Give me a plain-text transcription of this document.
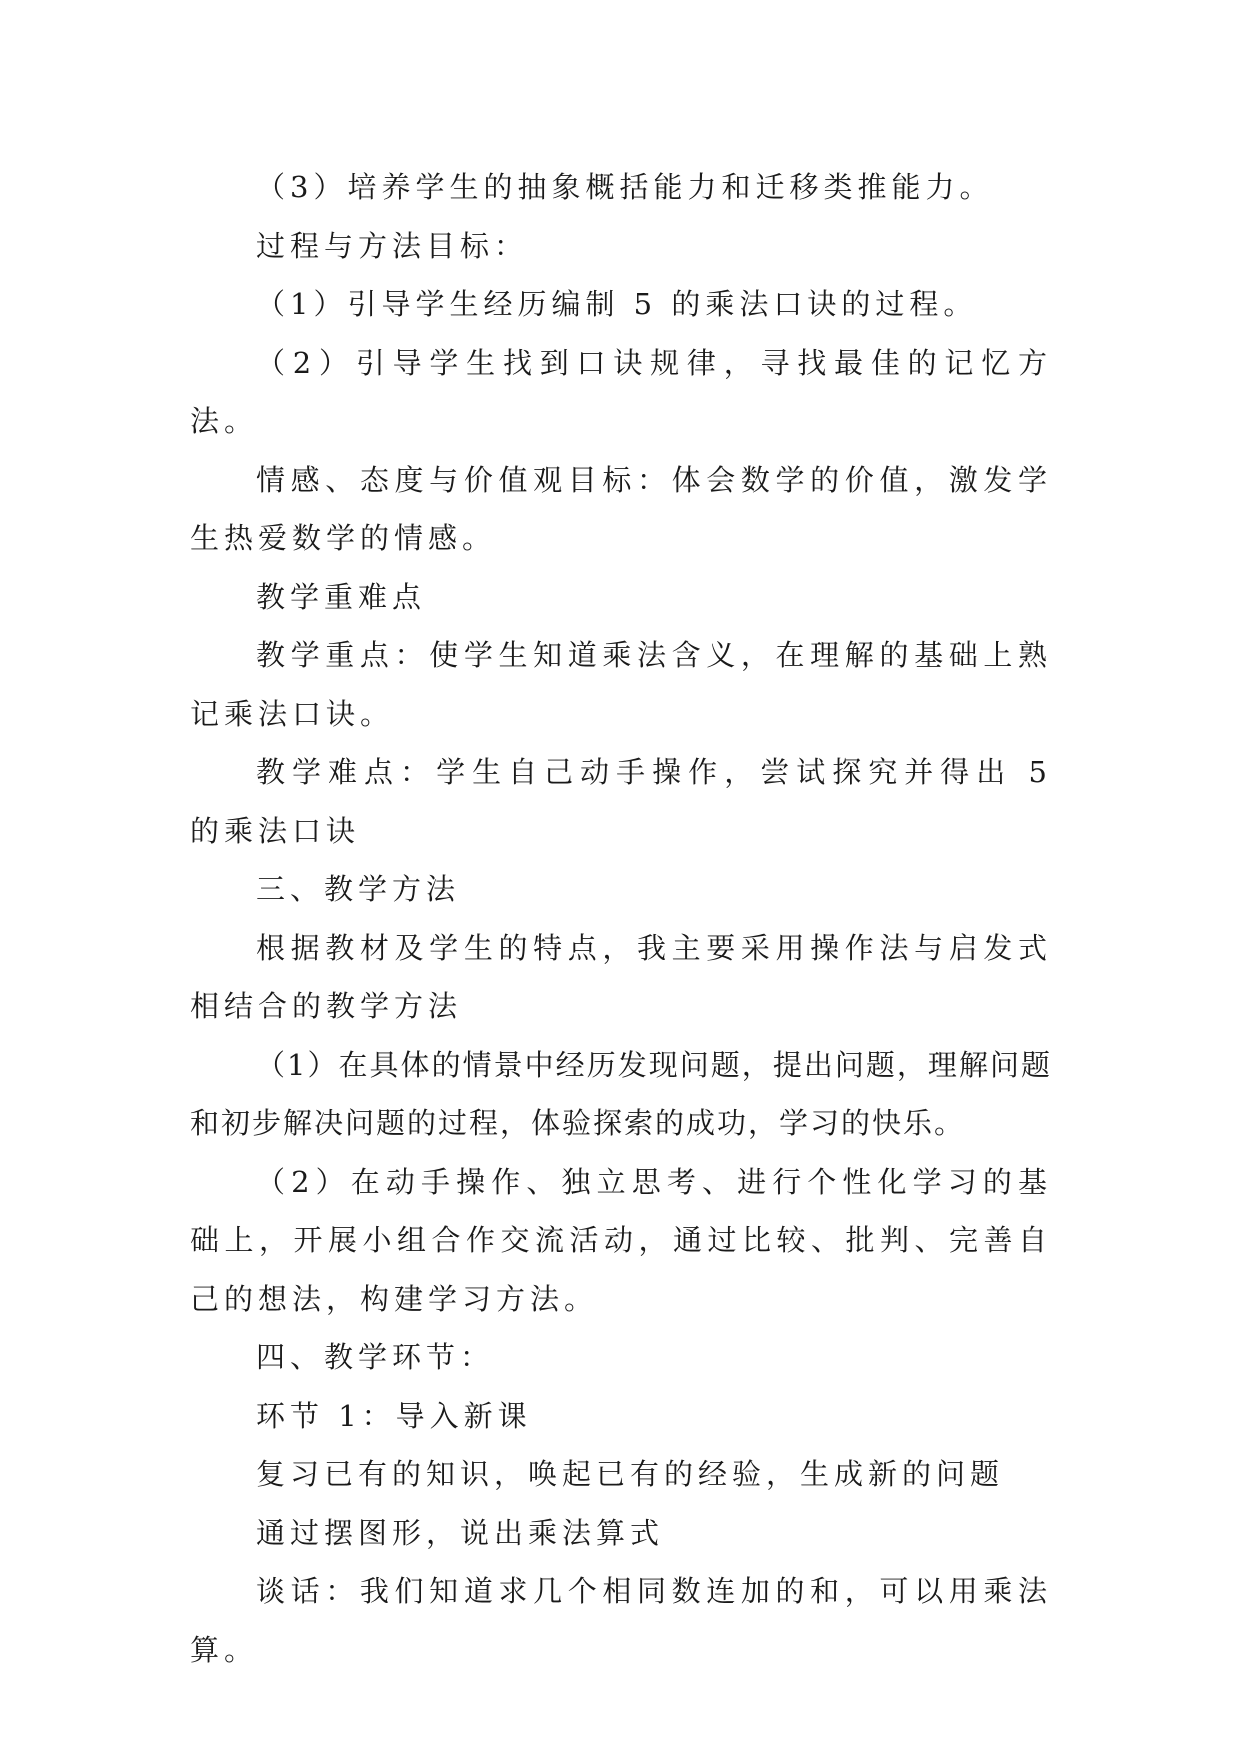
（3）培养学生的抽象概括能力和迁移类推能力。

过程与方法目标：

（1）引导学生经历编制 5 的乘法口诀的过程。

（2）引导学生找到口诀规律，寻找最佳的记忆方法。

情感、态度与价值观目标：体会数学的价值，激发学生热爱数学的情感。

教学重难点

教学重点：使学生知道乘法含义，在理解的基础上熟记乘法口诀。

教学难点：学生自己动手操作，尝试探究并得出 5 的乘法口诀

三、教学方法

根据教材及学生的特点，我主要采用操作法与启发式相结合的教学方法

（1）在具体的情景中经历发现问题，提出问题，理解问题和初步解决问题的过程，体验探索的成功，学习的快乐。

（2）在动手操作、独立思考、进行个性化学习的基础上，开展小组合作交流活动，通过比较、批判、完善自己的想法，构建学习方法。

四、教学环节：

环节 1：导入新课

复习已有的知识，唤起已有的经验，生成新的问题

通过摆图形，说出乘法算式

谈话：我们知道求几个相同数连加的和，可以用乘法算。
